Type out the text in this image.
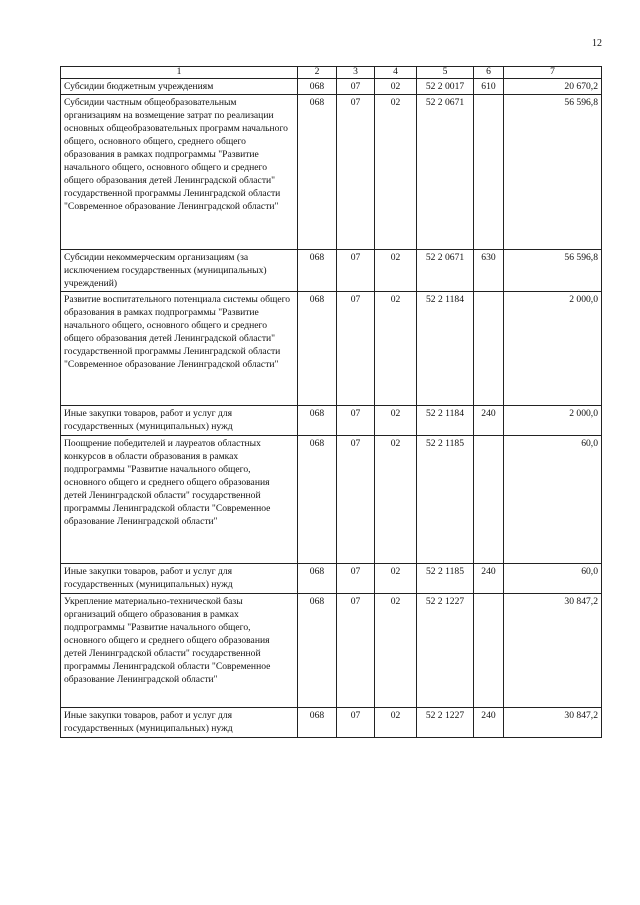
12
1	2	3	4	5	6	7
Субсидии бюджетным учреждениям	068	07	02	52 2 0017	610	20 670,2
Субсидии частным общеобразовательным организациям на возмещение затрат по реализации основных общеобразовательных программ начального общего, основного общего, среднего общего образования в рамках подпрограммы "Развитие начального общего, основного общего и среднего общего образования детей Ленинградской области" государственной программы Ленинградской области "Современное образование Ленинградской области"	068	07	02	52 2 0671		56 596,8
Субсидии некоммерческим организациям (за исключением государственных (муниципальных) учреждений)	068	07	02	52 2 0671	630	56 596,8
Развитие воспитательного потенциала системы общего образования в рамках подпрограммы "Развитие начального общего, основного общего и среднего общего образования детей Ленинградской области" государственной программы Ленинградской области "Современное образование Ленинградской области"	068	07	02	52 2 1184		2 000,0
Иные закупки товаров, работ и услуг для государственных (муниципальных) нужд	068	07	02	52 2 1184	240	2 000,0
Поощрение победителей и лауреатов областных конкурсов в области образования в рамках подпрограммы "Развитие начального общего, основного общего и среднего общего образования детей Ленинградской области" государственной программы Ленинградской области "Современное образование Ленинградской области"	068	07	02	52 2 1185		60,0
Иные закупки товаров, работ и услуг для государственных (муниципальных) нужд	068	07	02	52 2 1185	240	60,0
Укрепление материально-технической базы организаций общего образования в рамках подпрограммы "Развитие начального общего, основного общего и среднего общего образования детей Ленинградской области" государственной программы Ленинградской области "Современное образование Ленинградской области"	068	07	02	52 2 1227		30 847,2
Иные закупки товаров, работ и услуг для государственных (муниципальных) нужд	068	07	02	52 2 1227	240	30 847,2
